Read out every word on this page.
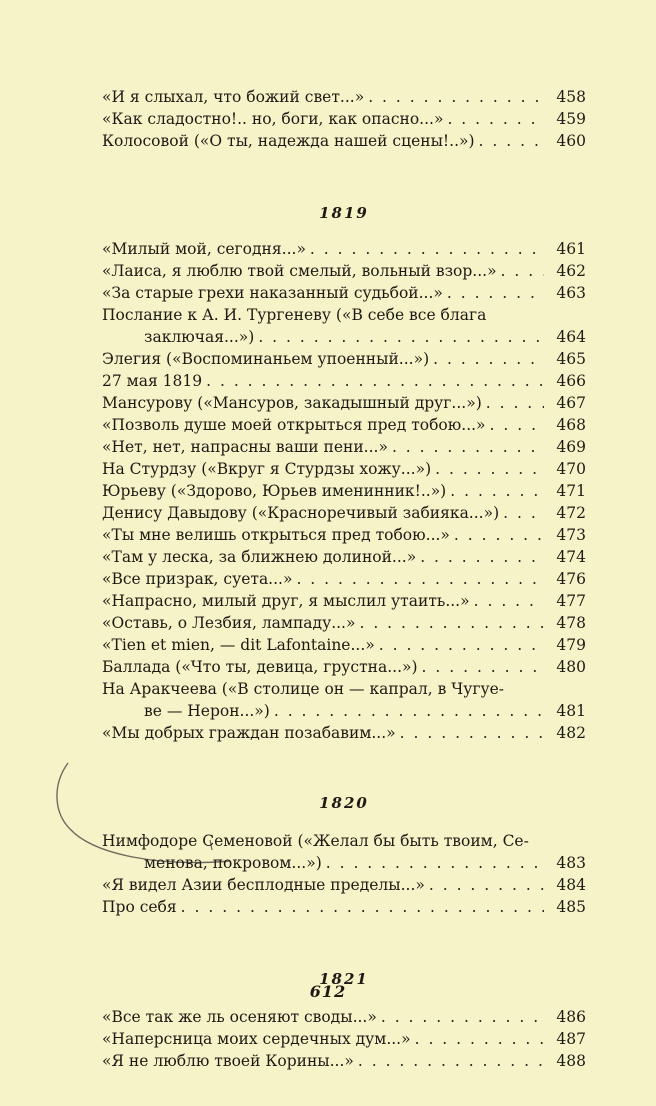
«И я слыхал, что божий свет...» . . .	458
«Как сладостно!.. но, боги, как опасно...» . . .	459
Колосовой («О ты, надежда нашей сцены!..») . . .	460
1819
«Милый мой, сегодня...» . . .	461
«Лаиса, я люблю твой смелый, вольный взор...» . . .	462
«За старые грехи наказанный судьбой...» . . .	463
Послание к А. И. Тургеневу («В себе все блага
заключая...») . . .	464
Элегия («Воспоминаньем упоенный...») . . .	465
27 мая 1819 . . .	466
Мансурову («Мансуров, закадышный друг...») . . .	467
«Позволь душе моей открыться пред тобою...» . . .	468
«Нет, нет, напрасны ваши пени...» . . .	469
На Стурдзу («Вкруг я Стурдзы хожу...») . . .	470
Юрьеву («Здорово, Юрьев именинник!..») . . .	471
Денису Давыдову («Красноречивый забияка...») . . .	472
«Ты мне велишь открыться пред тобою...» . . .	473
«Там у леска, за ближнею долиной...» . . .	474
«Все призрак, суета...» . . .	476
«Напрасно, милый друг, я мыслил утаить...» . . .	477
«Оставь, о Лезбия, лампаду...» . . .	478
«Tien et mien, — dit Lafontaine...» . . .	479
Баллада («Что ты, девица, грустна...») . . .	480
На Аракчеева («В столице он — капрал, в Чугуе-
ве — Нерон...») . . .	481
«Мы добрых граждан позабавим...» . . .	482
1820
Нимфодоре Семеновой («Желал бы быть твоим, Се-
менова, покровом...») . . .	483
«Я видел Азии бесплодные пределы...» . . .	484
Про себя . . .	485
1821
«Все так же ль осеняют своды...» . . .	486
«Наперсница моих сердечных дум...» . . .	487
«Я не люблю твоей Корины...» . . .	488
612
